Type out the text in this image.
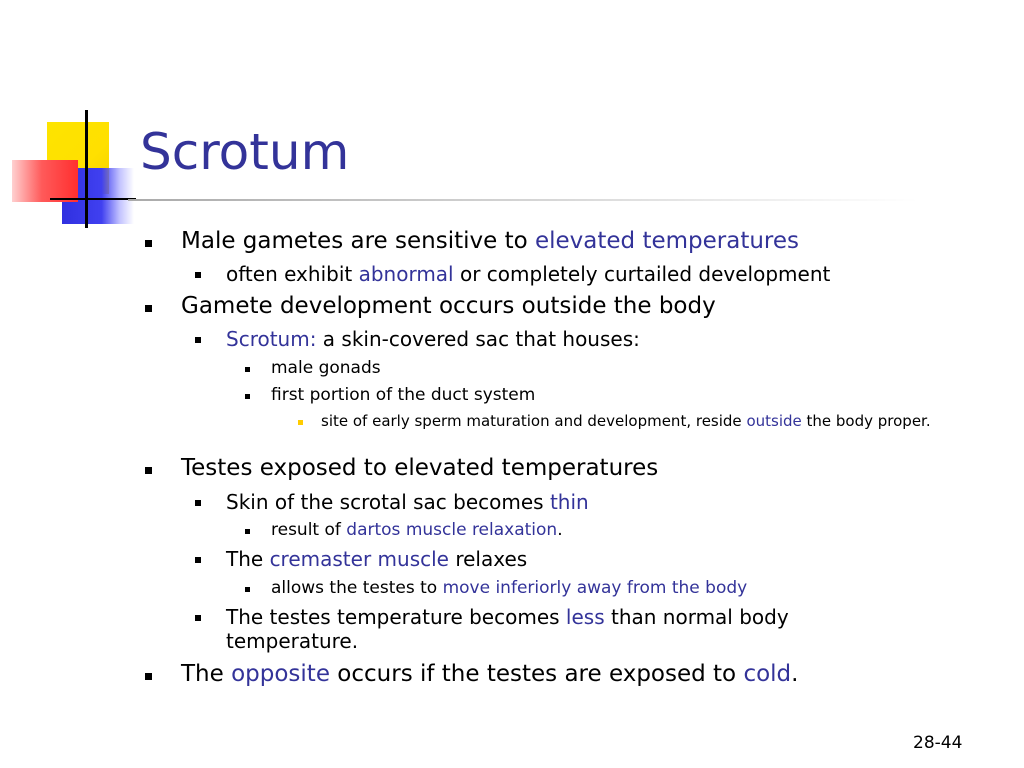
Scrotum

Male gametes are sensitive to elevated temperatures

often exhibit abnormal or completely curtailed development

Gamete development occurs outside the body

Scrotum: a skin-covered sac that houses:

male gonads

first portion of the duct system

site of early sperm maturation and development, reside outside the body proper.

Testes exposed to elevated temperatures

Skin of the scrotal sac becomes thin

result of dartos muscle relaxation.

The cremaster muscle relaxes

allows the testes to move inferiorly away from the body

The testes temperature becomes less than normal body temperature.

The opposite occurs if the testes are exposed to cold.

28-44
